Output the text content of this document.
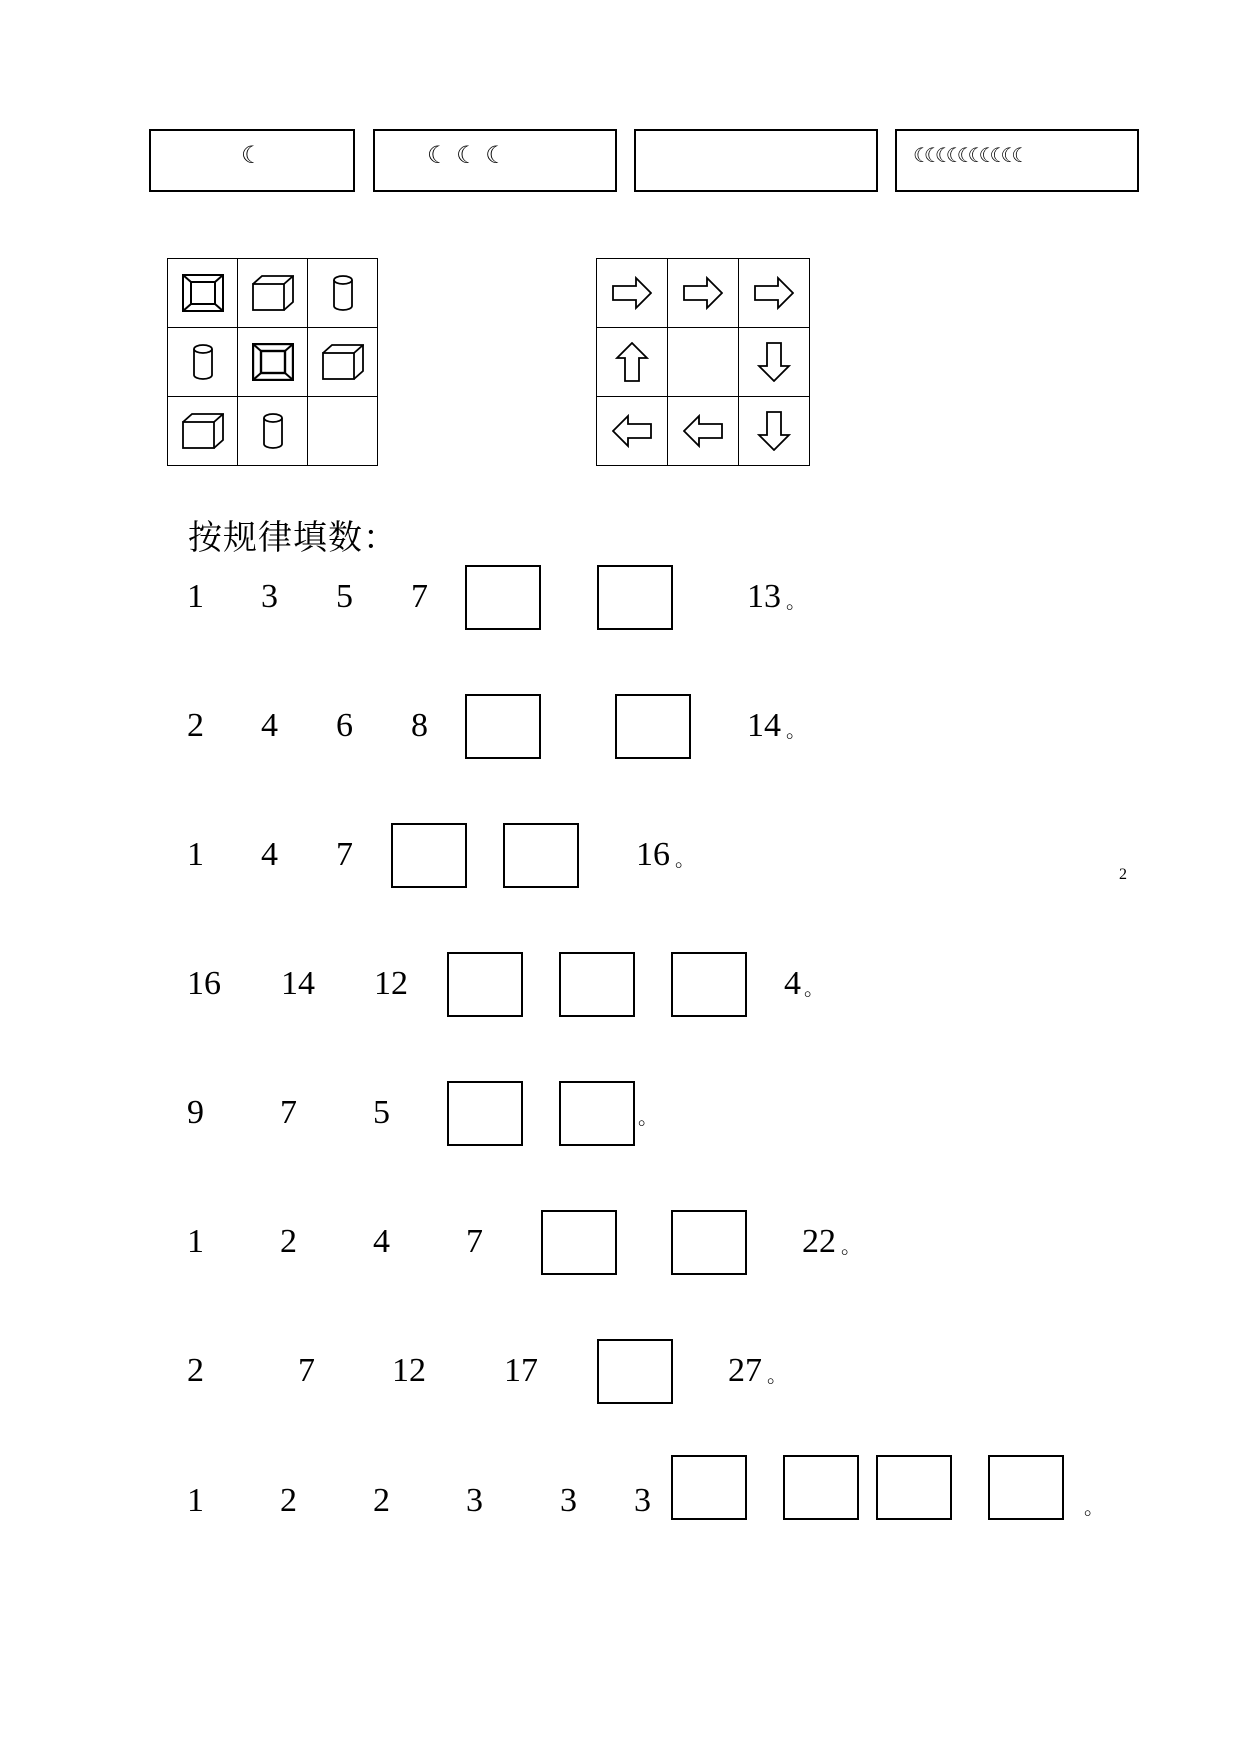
☾	☾ ☾ ☾	☾☾☾☾☾☾☾☾☾☾

按规律填数：
1 3 5 7	13 。
2 4 6 8	14 。
1 4 7	16 。
2
16 14 12	4 。
9 7 5	。
1 2 4 7	22 。
2	7 12 17	27 。
1 2 2 3 3 3	。
